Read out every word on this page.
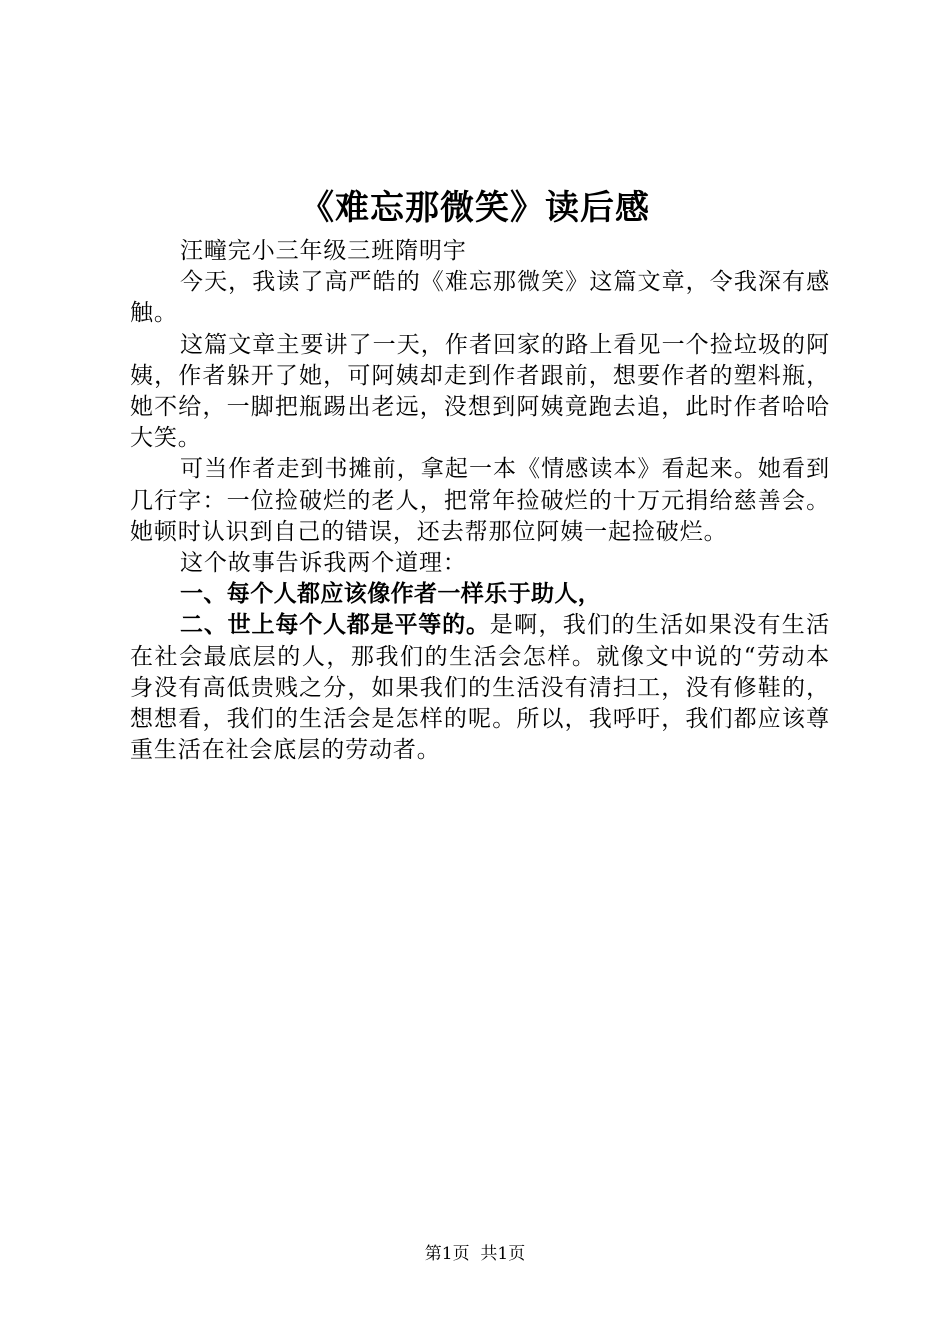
《难忘那微笑》读后感

汪疃完小三年级三班隋明宇

今天，我读了高严皓的《难忘那微笑》这篇文章，令我深有感触。

这篇文章主要讲了一天，作者回家的路上看见一个捡垃圾的阿姨，作者躲开了她，可阿姨却走到作者跟前，想要作者的塑料瓶，她不给，一脚把瓶踢出老远，没想到阿姨竟跑去追，此时作者哈哈大笑。

可当作者走到书摊前，拿起一本《情感读本》看起来。她看到几行字：一位捡破烂的老人，把常年捡破烂的十万元捐给慈善会。她顿时认识到自己的错误，还去帮那位阿姨一起捡破烂。

这个故事告诉我两个道理：

一、每个人都应该像作者一样乐于助人，

二、世上每个人都是平等的。是啊，我们的生活如果没有生活在社会最底层的人，那我们的生活会怎样。就像文中说的“劳动本身没有高低贵贱之分，如果我们的生活没有清扫工，没有修鞋的，想想看，我们的生活会是怎样的呢。所以，我呼吁，我们都应该尊重生活在社会底层的劳动者。

第1页 共1页
